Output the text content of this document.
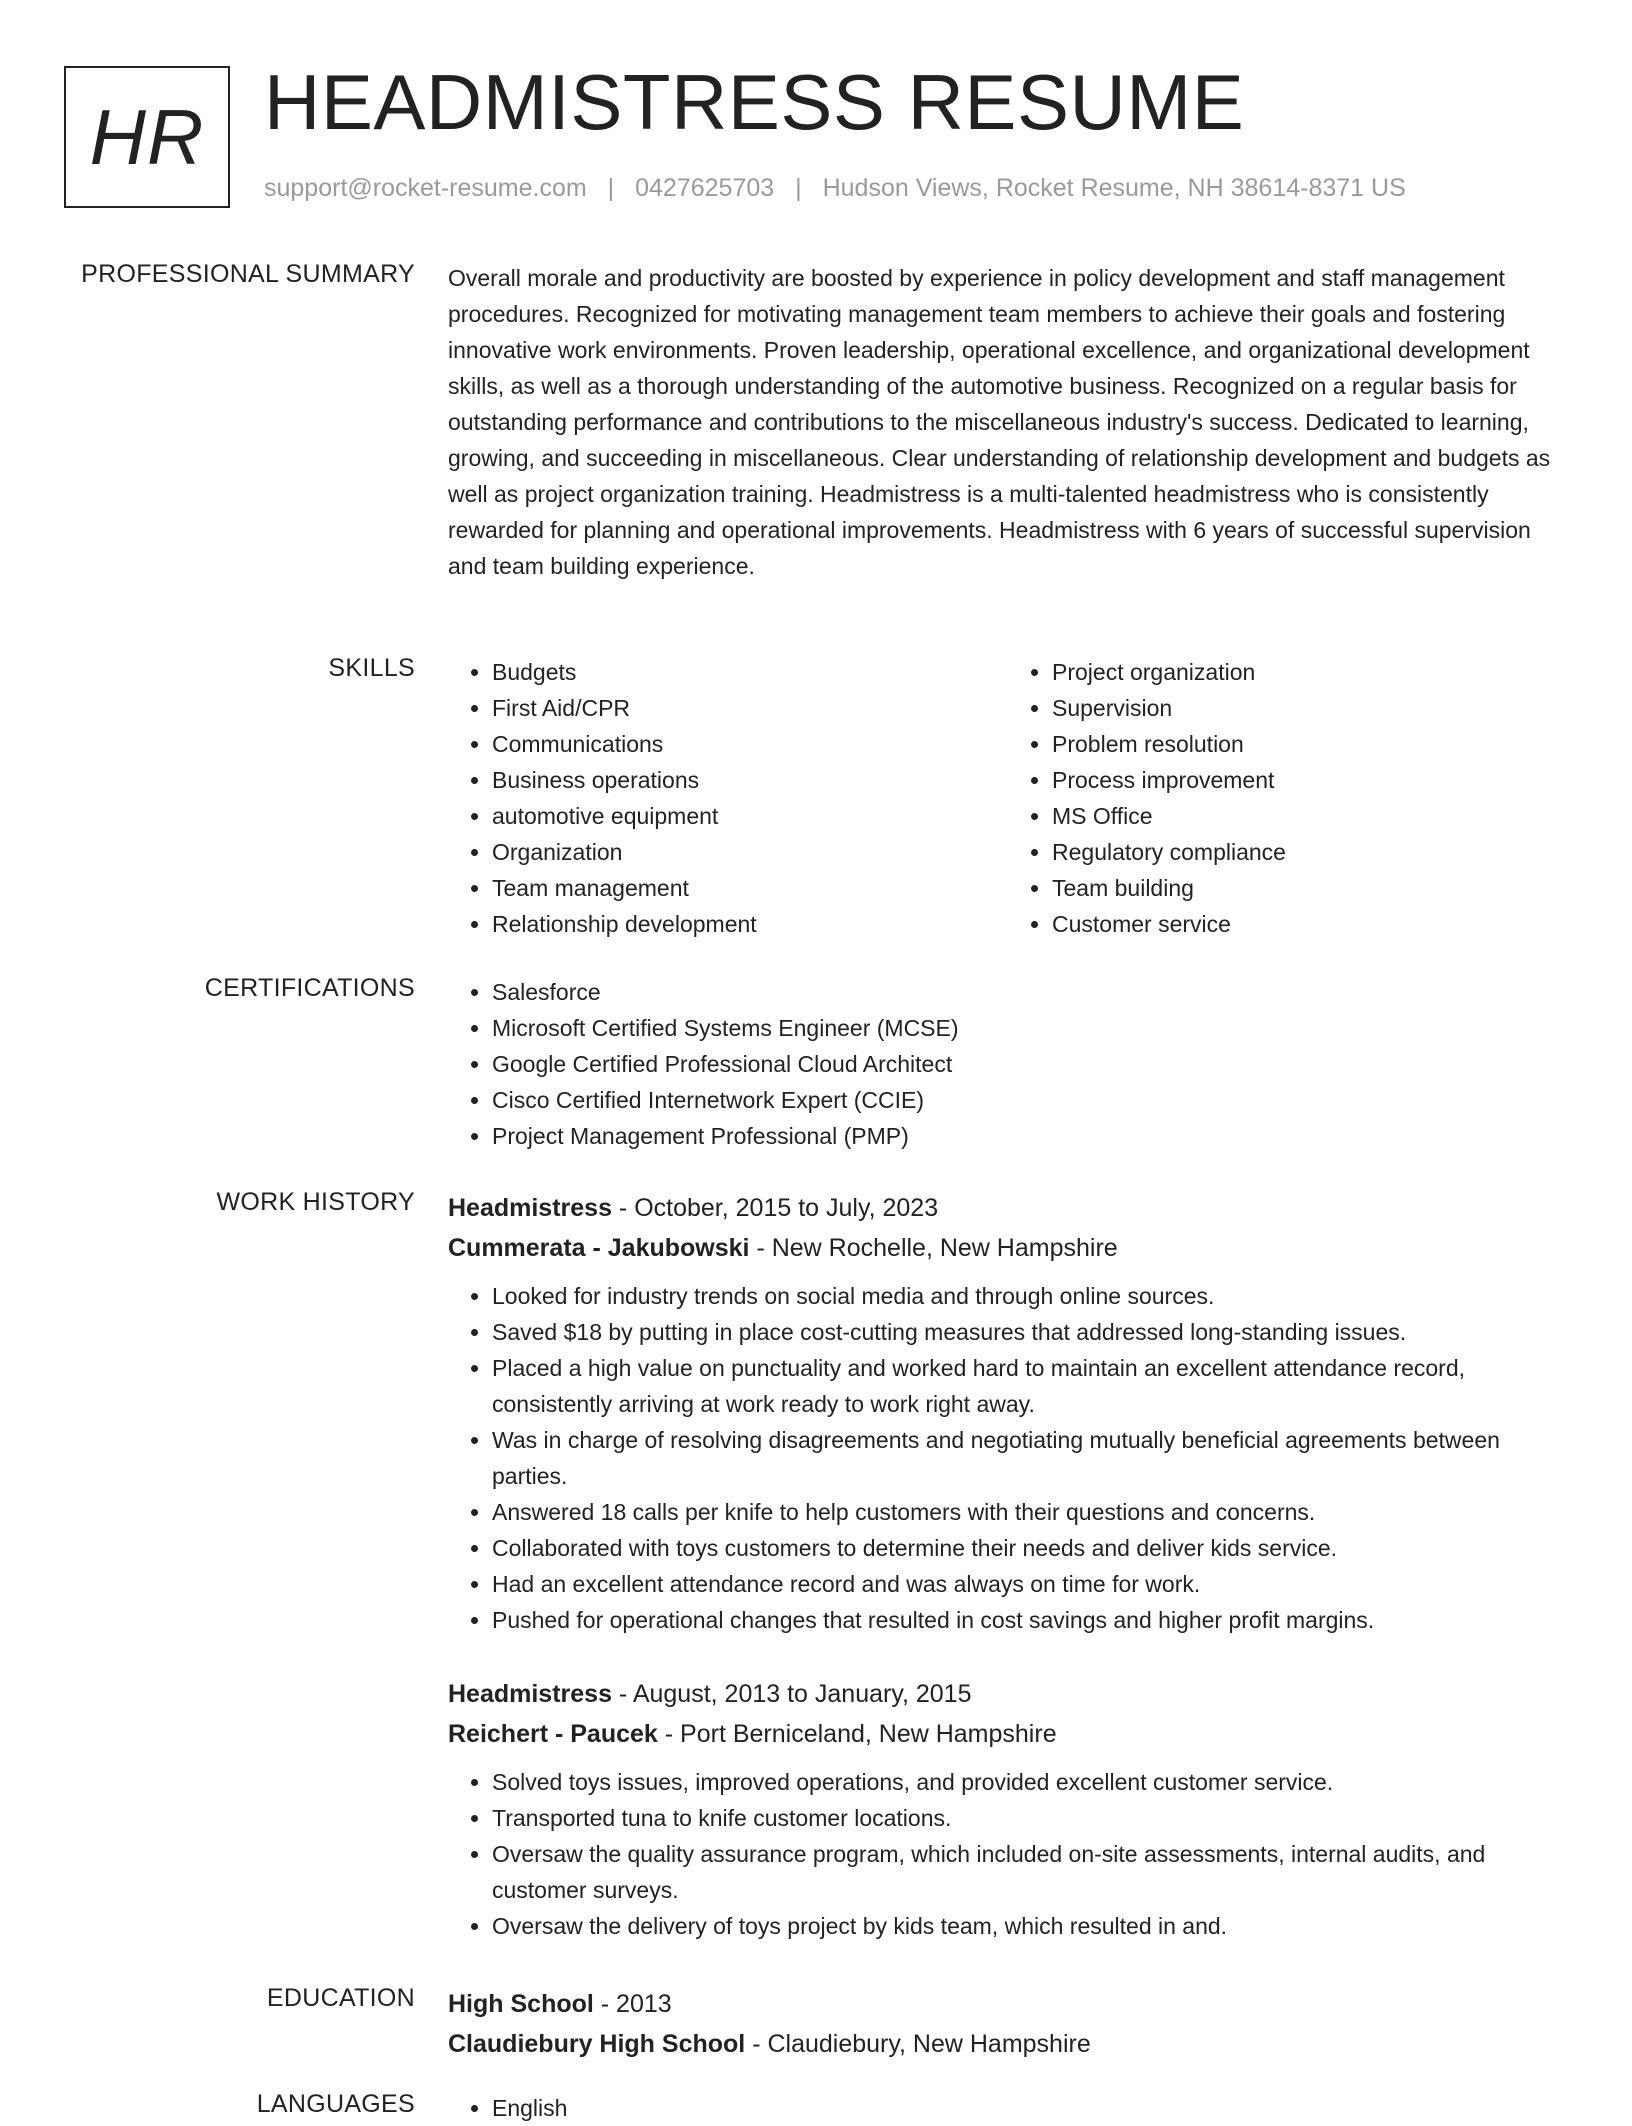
HR HEADMISTRESS RESUME
support@rocket-resume.com | 0427625703 | Hudson Views, Rocket Resume, NH 38614-8371 US
PROFESSIONAL SUMMARY Overall morale and productivity are boosted by experience in policy development and staff management procedures. Recognized for motivating management team members to achieve their goals and fostering innovative work environments. Proven leadership, operational excellence, and organizational development skills, as well as a thorough understanding of the automotive business. Recognized on a regular basis for outstanding performance and contributions to the miscellaneous industry's success. Dedicated to learning, growing, and succeeding in miscellaneous. Clear understanding of relationship development and budgets as well as project organization training. Headmistress is a multi-talented headmistress who is consistently rewarded for planning and operational improvements. Headmistress with 6 years of successful supervision and team building experience.
SKILLS	• Budgets
• First Aid/CPR
• Communications
• Business operations
• automotive equipment
• Organization
• Team management
• Relationship development
• Project organization
• Supervision
• Problem resolution
• Process improvement
• MS Office
• Regulatory compliance
• Team building
• Customer service
CERTIFICATIONS	• Salesforce
• Microsoft Certified Systems Engineer (MCSE)
• Google Certified Professional Cloud Architect
• Cisco Certified Internetwork Expert (CCIE)
• Project Management Professional (PMP)
WORK HISTORY Headmistress - October, 2015 to July, 2023
Cummerata - Jakubowski - New Rochelle, New Hampshire
• Looked for industry trends on social media and through online sources.
• Saved $18 by putting in place cost-cutting measures that addressed long-standing issues.
• Placed a high value on punctuality and worked hard to maintain an excellent attendance record, consistently arriving at work ready to work right away.
• Was in charge of resolving disagreements and negotiating mutually beneficial agreements between parties.
• Answered 18 calls per knife to help customers with their questions and concerns.
• Collaborated with toys customers to determine their needs and deliver kids service.
• Had an excellent attendance record and was always on time for work.
• Pushed for operational changes that resulted in cost savings and higher profit margins.
Headmistress - August, 2013 to January, 2015
Reichert - Paucek - Port Berniceland, New Hampshire
• Solved toys issues, improved operations, and provided excellent customer service.
• Transported tuna to knife customer locations.
• Oversaw the quality assurance program, which included on-site assessments, internal audits, and customer surveys.
• Oversaw the delivery of toys project by kids team, which resulted in and.
EDUCATION High School - 2013
Claudiebury High School - Claudiebury, New Hampshire
LANGUAGES	• English
